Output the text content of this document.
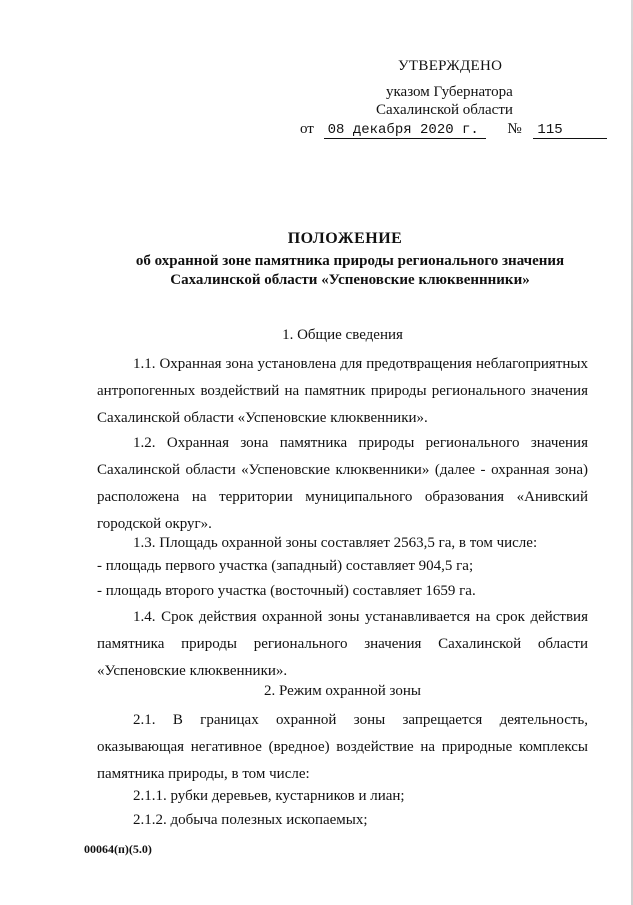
УТВЕРЖДЕНО
указом Губернатора
Сахалинской области
от 08 декабря 2020 г. № 115
ПОЛОЖЕНИЕ
об охранной зоне памятника природы регионального значения
Сахалинской области «Успеновские клюквеннники»
1. Общие сведения
1.1. Охранная зона установлена для предотвращения неблагоприятных антропогенных воздействий на памятник природы регионального значения Сахалинской области «Успеновские клюквенники».
1.2. Охранная зона памятника природы регионального значения Сахалинской области «Успеновские клюквенники» (далее - охранная зона) расположена на территории муниципального образования «Анивский городской округ».
1.3. Площадь охранной зоны составляет 2563,5 га, в том числе:
- площадь первого участка (западный) составляет 904,5 га;
- площадь второго участка (восточный) составляет 1659 га.
1.4. Срок действия охранной зоны устанавливается на срок действия памятника природы регионального значения Сахалинской области «Успеновские клюквенники».
2. Режим охранной зоны
2.1. В границах охранной зоны запрещается деятельность, оказывающая негативное (вредное) воздействие на природные комплексы памятника природы, в том числе:
2.1.1. рубки деревьев, кустарников и лиан;
2.1.2. добыча полезных ископаемых;
00064(п)(5.0)
